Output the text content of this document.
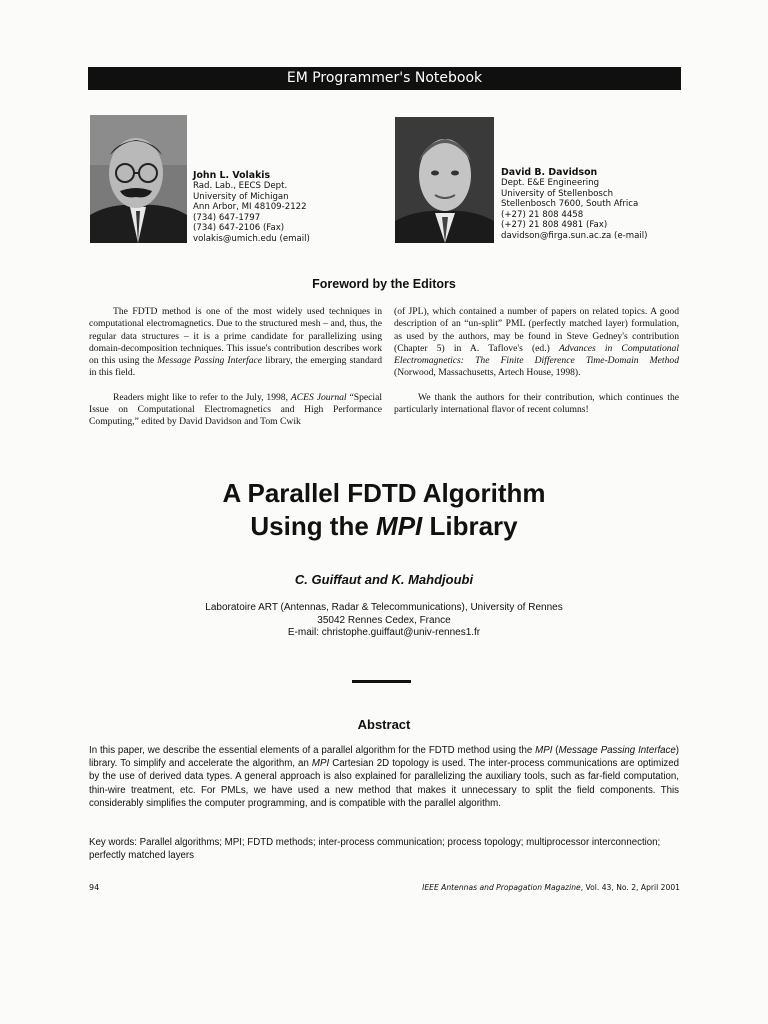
EM Programmer's Notebook
John L. Volakis
Rad. Lab., EECS Dept.
University of Michigan
Ann Arbor, MI 48109-2122
(734) 647-1797
(734) 647-2106 (Fax)
volakis@umich.edu (email)
David B. Davidson
Dept. E&E Engineering
University of Stellenbosch
Stellenbosch 7600, South Africa
(+27) 21 808 4458
(+27) 21 808 4981 (Fax)
davidson@firga.sun.ac.za (e-mail)
Foreword by the Editors

The FDTD method is one of the most widely used techniques in computational electromagnetics. Due to the structured mesh – and, thus, the regular data structures – it is a prime candidate for parallelizing using domain-decomposition techniques. This issue's contribution describes work on this using the Message Passing Interface library, the emerging standard in this field.

Readers might like to refer to the July, 1998, ACES Journal “Special Issue on Computational Electromagnetics and High Performance Computing,” edited by David Davidson and Tom Cwik

(of JPL), which contained a number of papers on related topics. A good description of an “un-split” PML (perfectly matched layer) formulation, as used by the authors, may be found in Steve Gedney's contribution (Chapter 5) in A. Taflove's (ed.) Advances in Computational Electromagnetics: The Finite Difference Time-Domain Method (Norwood, Massachusetts, Artech House, 1998).

We thank the authors for their contribution, which continues the particularly international flavor of recent columns!

A Parallel FDTD Algorithm
Using the MPI Library
C. Guiffaut and K. Mahdjoubi
Laboratoire ART (Antennas, Radar & Telecommunications), University of Rennes
35042 Rennes Cedex, France
E-mail: christophe.guiffaut@univ-rennes1.fr
Abstract
In this paper, we describe the essential elements of a parallel algorithm for the FDTD method using the MPI (Message Passing Interface) library. To simplify and accelerate the algorithm, an MPI Cartesian 2D topology is used. The inter-process communications are optimized by the use of derived data types. A general approach is also explained for parallelizing the auxiliary tools, such as far-field computation, thin-wire treatment, etc. For PMLs, we have used a new method that makes it unnecessary to split the field components. This considerably simplifies the computer programming, and is compatible with the parallel algorithm.
Key words: Parallel algorithms; MPI; FDTD methods; inter-process communication; process topology; multiprocessor interconnection; perfectly matched layers
94	IEEE Antennas and Propagation Magazine, Vol. 43, No. 2, April 2001
